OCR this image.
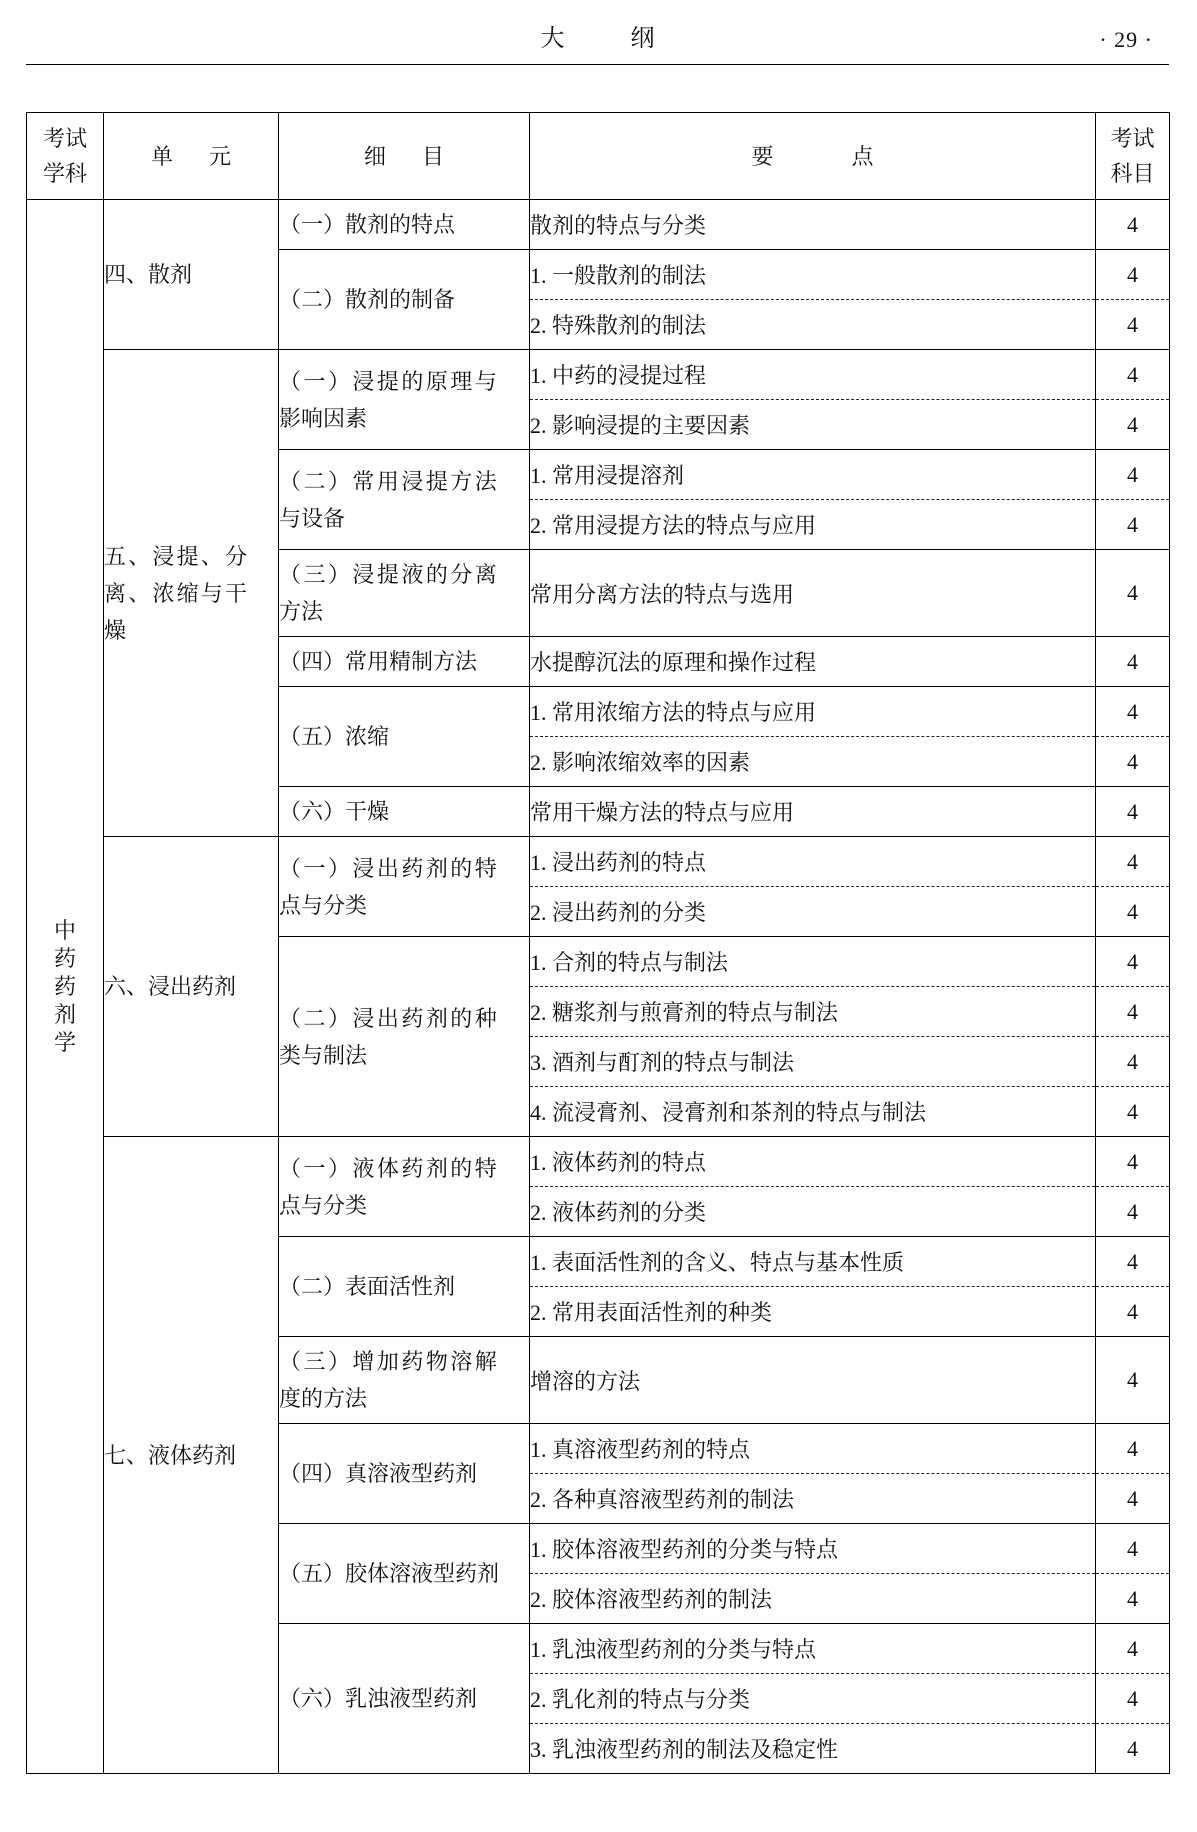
大纲	· 29 ·
考试学科	单元	细目	要点	考试科目
中药药剂学	四、散剂	（一）散剂的特点	散剂的特点与分类	4
		（二）散剂的制备	1. 一般散剂的制法	4
			2. 特殊散剂的制法	4
	五、浸提、分离、浓缩与干燥	（一）浸提的原理与影响因素	1. 中药的浸提过程	4
			2. 影响浸提的主要因素	4
		（二）常用浸提方法与设备	1. 常用浸提溶剂	4
			2. 常用浸提方法的特点与应用	4
		（三）浸提液的分离方法	常用分离方法的特点与选用	4
		（四）常用精制方法	水提醇沉法的原理和操作过程	4
		（五）浓缩	1. 常用浓缩方法的特点与应用	4
			2. 影响浓缩效率的因素	4
		（六）干燥	常用干燥方法的特点与应用	4
	六、浸出药剂	（一）浸出药剂的特点与分类	1. 浸出药剂的特点	4
			2. 浸出药剂的分类	4
		（二）浸出药剂的种类与制法	1. 合剂的特点与制法	4
			2. 糖浆剂与煎膏剂的特点与制法	4
			3. 酒剂与酊剂的特点与制法	4
			4. 流浸膏剂、浸膏剂和茶剂的特点与制法	4
	七、液体药剂	（一）液体药剂的特点与分类	1. 液体药剂的特点	4
			2. 液体药剂的分类	4
		（二）表面活性剂	1. 表面活性剂的含义、特点与基本性质	4
			2. 常用表面活性剂的种类	4
		（三）增加药物溶解度的方法	增溶的方法	4
		（四）真溶液型药剂	1. 真溶液型药剂的特点	4
			2. 各种真溶液型药剂的制法	4
		（五）胶体溶液型药剂	1. 胶体溶液型药剂的分类与特点	4
			2. 胶体溶液型药剂的制法	4
		（六）乳浊液型药剂	1. 乳浊液型药剂的分类与特点	4
			2. 乳化剂的特点与分类	4
			3. 乳浊液型药剂的制法及稳定性	4
